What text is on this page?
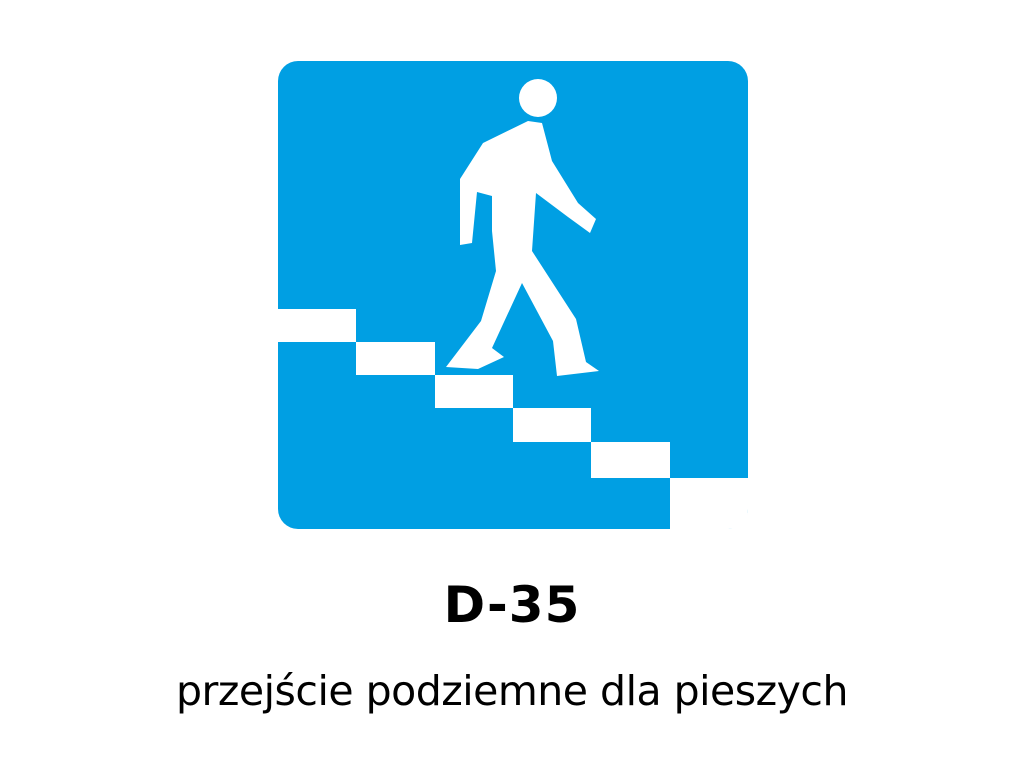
D-35
przejście podziemne dla pieszych
